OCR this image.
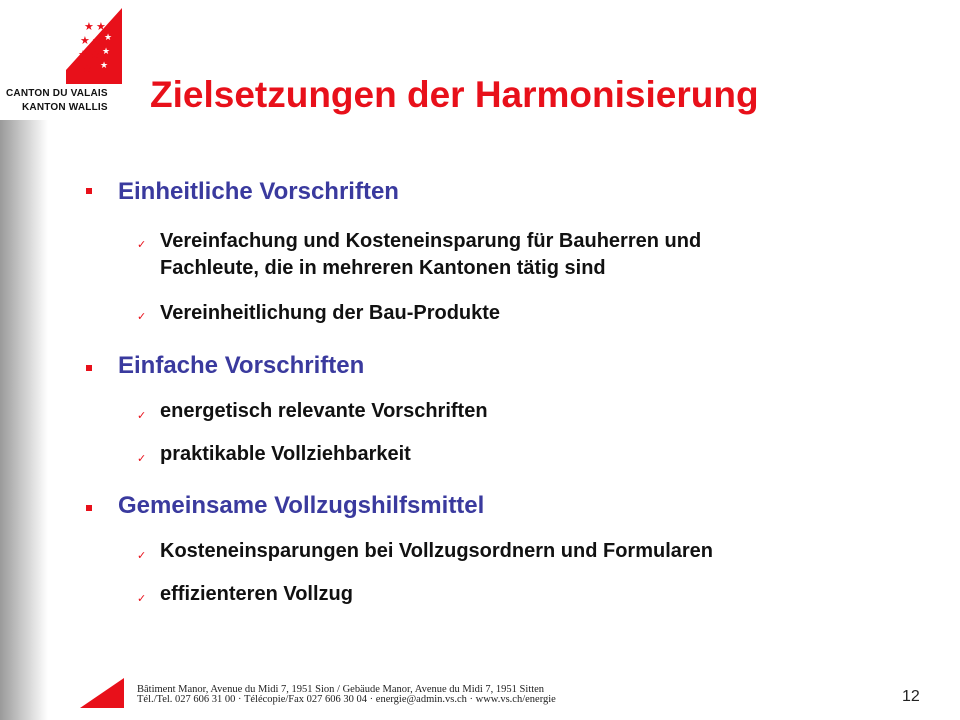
★ ★
★ ★
★ ★
★
★
★
★
CANTON DU VALAIS
KANTON WALLIS Zielsetzungen der Harmonisierung
Einheitliche Vorschriften
✓ Vereinfachung und Kosteneinsparung für Bauherren und
Fachleute, die in mehreren Kantonen tätig sind
✓ Vereinheitlichung der Bau-Produkte
Einfache Vorschriften
✓ energetisch relevante Vorschriften
✓ praktikable Vollziehbarkeit
Gemeinsame Vollzugshilfsmittel
✓ Kosteneinsparungen bei Vollzugsordnern und Formularen
✓ effizienteren Vollzug
Bâtiment Manor, Avenue du Midi 7, 1951 Sion / Gebäude Manor, Avenue du Midi 7, 1951 Sitten
Tél./Tel. 027 606 31 00 · Télécopie/Fax 027 606 30 04 · energie@admin.vs.ch · www.vs.ch/energie	12
